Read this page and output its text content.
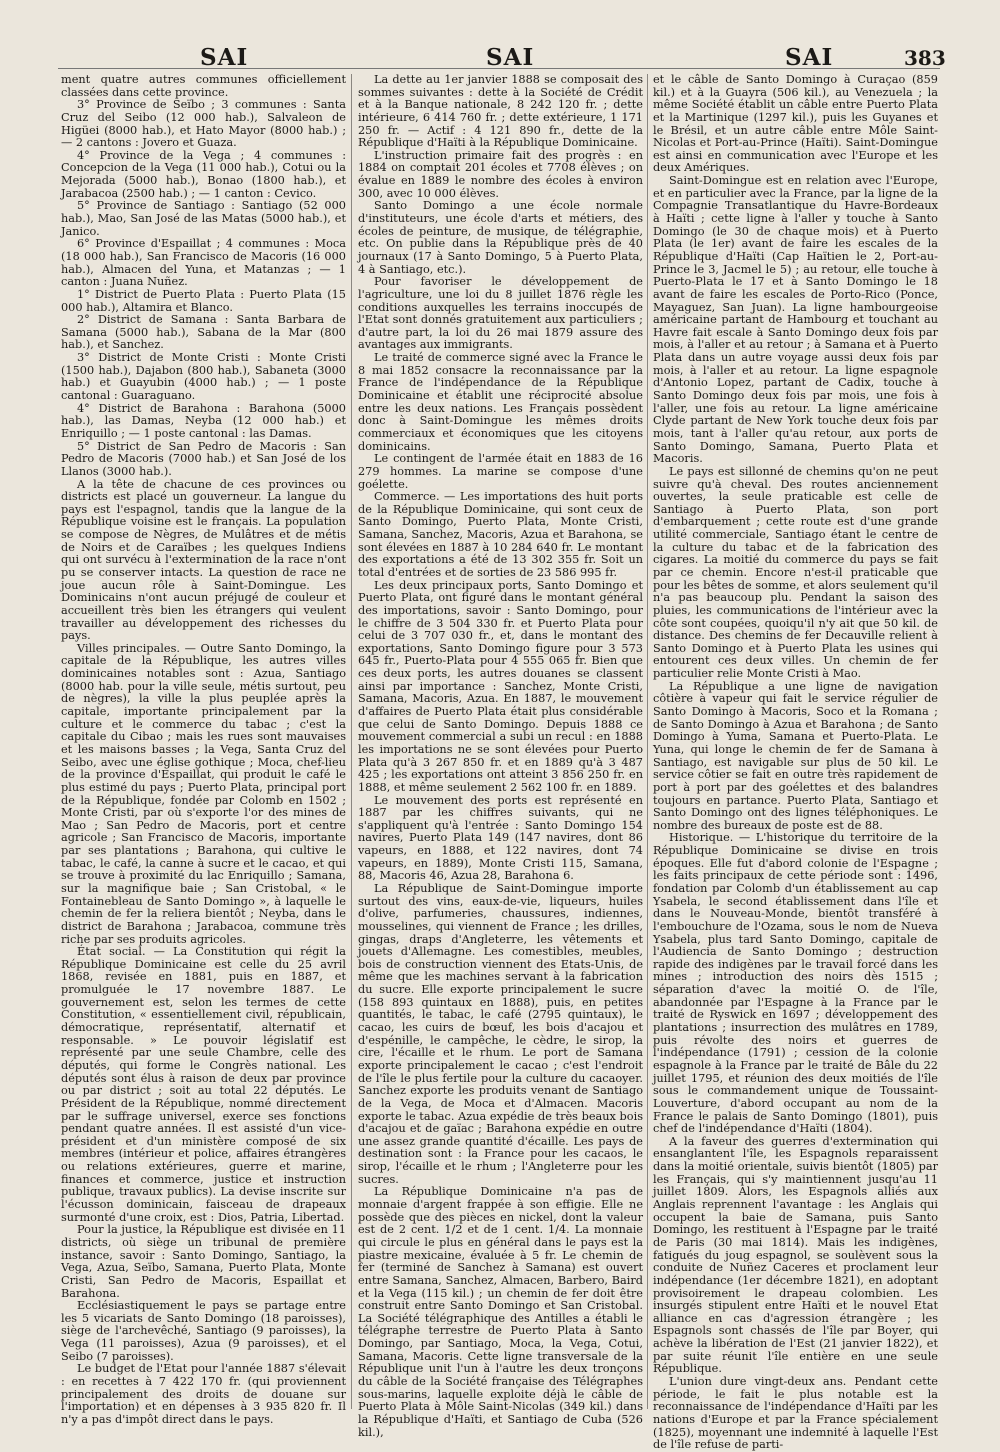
SAI	SAI	SAI	383

ment quatre autres communes officiellement classées dans cette province.

3° Province de Seïbo ; 3 communes : Santa Cruz del Seibo (12 000 hab.), Salvaleon de Higüei (8000 hab.), et Hato Mayor (8000 hab.) ; — 2 cantons : Jovero et Guaza.

4° Province de la Vega ; 4 communes : Concepcion de la Vega (11 000 hab.), Cotui ou la Mejorada (5000 hab.), Bonao (1800 hab.), et Jarabacoa (2500 hab.) ; — 1 canton : Cevico.

5° Province de Santiago : Santiago (52 000 hab.), Mao, San José de las Matas (5000 hab.), et Janico.

6° Province d'Espaillat ; 4 communes : Moca (18 000 hab.), San Francisco de Macoris (16 000 hab.), Almacen del Yuna, et Matanzas ; — 1 canton : Juana Nuñez.

1° District de Puerto Plata : Puerto Plata (15 000 hab.), Altamira et Blanco.

2° District de Samana : Santa Barbara de Samana (5000 hab.), Sabana de la Mar (800 hab.), et Sanchez.

3° District de Monte Cristi : Monte Cristi (1500 hab.), Dajabon (800 hab.), Sabaneta (3000 hab.) et Guayubin (4000 hab.) ; — 1 poste cantonal : Guaraguano.

4° District de Barahona : Barahona (5000 hab.), las Damas, Neyba (12 000 hab.) et Enriquillo ; — 1 poste cantonal : las Damas.

5° District de San Pedro de Macoris : San Pedro de Macoris (7000 hab.) et San José de los Llanos (3000 hab.).

A la tête de chacune de ces provinces ou districts est placé un gouverneur. La langue du pays est l'espagnol, tandis que la langue de la République voisine est le français. La population se compose de Nègres, de Mulâtres et de métis de Noirs et de Caraïbes ; les quelques Indiens qui ont survécu à l'extermination de la race n'ont pu se conserver intacts. La question de race ne joue aucun rôle à Saint-Domingue. Les Dominicains n'ont aucun préjugé de couleur et accueillent très bien les étrangers qui veulent travailler au développement des richesses du pays.

Villes principales. — Outre Santo Domingo, la capitale de la République, les autres villes dominicaines notables sont : Azua, Santiago (8000 hab. pour la ville seule, métis surtout, peu de nègres), la ville la plus peuplée après la capitale, importante principalement par la culture et le commerce du tabac ; c'est la capitale du Cibao ; mais les rues sont mauvaises et les maisons basses ; la Vega, Santa Cruz del Seibo, avec une église gothique ; Moca, chef-lieu de la province d'Espaillat, qui produit le café le plus estimé du pays ; Puerto Plata, principal port de la République, fondée par Colomb en 1502 ; Monte Cristi, par où s'exporte l'or des mines de Mao ; San Pedro de Macoris, port et centre agricole ; San Francisco de Macoris, importante par ses plantations ; Barahona, qui cultive le tabac, le café, la canne à sucre et le cacao, et qui se trouve à proximité du lac Enriquillo ; Samana, sur la magnifique baie ; San Cristobal, « le Fontainebleau de Santo Domingo », à laquelle le chemin de fer la reliera bientôt ; Neyba, dans le district de Barahona ; Jarabacoa, commune très riche par ses produits agricoles.

État social. — La Constitution qui régit la République Dominicaine est celle du 25 avril 1868, revisée en 1881, puis en 1887, et promulguée le 17 novembre 1887. Le gouvernement est, selon les termes de cette Constitution, « essentiellement civil, républicain, démocratique, représentatif, alternatif et responsable. » Le pouvoir législatif est représenté par une seule Chambre, celle des députés, qui forme le Congrès national. Les députés sont élus à raison de deux par province ou par district ; soit au total 22 députés. Le Président de la République, nommé directement par le suffrage universel, exerce ses fonctions pendant quatre années. Il est assisté d'un vice-président et d'un ministère composé de six membres (intérieur et police, affaires étrangères ou relations extérieures, guerre et marine, finances et commerce, justice et instruction publique, travaux publics). La devise inscrite sur l'écusson dominicain, faisceau de drapeaux surmonté d'une croix, est : Dios, Patria, Libertad.

Pour la justice, la République est divisée en 11 districts, où siège un tribunal de première instance, savoir : Santo Domingo, Santiago, la Vega, Azua, Seïbo, Samana, Puerto Plata, Monte Cristi, San Pedro de Macoris, Espaillat et Barahona.

Ecclésiastiquement le pays se partage entre les 5 vicariats de Santo Domingo (18 paroisses), siège de l'archevêché, Santiago (9 paroisses), la Vega (11 paroisses), Azua (9 paroisses), et el Seibo (7 paroisses).

Le budget de l'Etat pour l'année 1887 s'élevait : en recettes à 7 422 170 fr. (qui proviennent principalement des droits de douane sur l'importation) et en dépenses à 3 935 820 fr. Il n'y a pas d'impôt direct dans le pays.

La dette au 1er janvier 1888 se composait des sommes suivantes : dette à la Société de Crédit et à la Banque nationale, 8 242 120 fr. ; dette intérieure, 6 414 760 fr. ; dette extérieure, 1 171 250 fr. — Actif : 4 121 890 fr., dette de la République d'Haïti à la République Dominicaine.

L'instruction primaire fait des progrès : en 1884 on comptait 201 écoles et 7708 élèves ; on évalue en 1889 le nombre des écoles à environ 300, avec 10 000 élèves.

Santo Domingo a une école normale d'instituteurs, une école d'arts et métiers, des écoles de peinture, de musique, de télégraphie, etc. On publie dans la République près de 40 journaux (17 à Santo Domingo, 5 à Puerto Plata, 4 à Santiago, etc.).

Pour favoriser le développement de l'agriculture, une loi du 8 juillet 1876 règle les conditions auxquelles les terrains inoccupés de l'Etat sont donnés gratuitement aux particuliers ; d'autre part, la loi du 26 mai 1879 assure des avantages aux immigrants.

Le traité de commerce signé avec la France le 8 mai 1852 consacre la reconnaissance par la France de l'indépendance de la République Dominicaine et établit une réciprocité absolue entre les deux nations. Les Français possèdent donc à Saint-Domingue les mêmes droits commerciaux et économiques que les citoyens dominicains.

Le contingent de l'armée était en 1883 de 16 279 hommes. La marine se compose d'une goélette.

Commerce. — Les importations des huit ports de la République Dominicaine, qui sont ceux de Santo Domingo, Puerto Plata, Monte Cristi, Samana, Sanchez, Macoris, Azua et Barahona, se sont élevées en 1887 à 10 284 640 fr. Le montant des exportations a été de 13 302 355 fr. Soit un total d'entrées et de sorties de 23 586 995 fr.

Les deux principaux ports, Santo Domingo et Puerto Plata, ont figuré dans le montant général des importations, savoir : Santo Domingo, pour le chiffre de 3 504 330 fr. et Puerto Plata pour celui de 3 707 030 fr., et, dans le montant des exportations, Santo Domingo figure pour 3 573 645 fr., Puerto-Plata pour 4 555 065 fr. Bien que ces deux ports, les autres douanes se classent ainsi par importance : Sanchez, Monte Cristi, Samana, Macoris, Azua. En 1887, le mouvement d'affaires de Puerto Plata était plus considérable que celui de Santo Domingo. Depuis 1888 ce mouvement commercial a subi un recul : en 1888 les importations ne se sont élevées pour Puerto Plata qu'à 3 267 850 fr. et en 1889 qu'à 3 487 425 ; les exportations ont atteint 3 856 250 fr. en 1888, et même seulement 2 562 100 fr. en 1889.

Le mouvement des ports est représenté en 1887 par les chiffres suivants, qui ne s'appliquent qu'à l'entrée : Santo Domingo 154 navires, Puerto Plata 149 (147 navires, dont 86 vapeurs, en 1888, et 122 navires, dont 74 vapeurs, en 1889), Monte Cristi 115, Samana, 88, Macoris 46, Azua 28, Barahona 6.

La République de Saint-Domingue importe surtout des vins, eaux-de-vie, liqueurs, huiles d'olive, parfumeries, chaussures, indiennes, mousselines, qui viennent de France ; les drilles, gingas, draps d'Angleterre, les vêtements et jouets d'Allemagne. Les comestibles, meubles, bois de construction viennent des Etats-Unis, de même que les machines servant à la fabrication du sucre. Elle exporte principalement le sucre (158 893 quintaux en 1888), puis, en petites quantités, le tabac, le café (2795 quintaux), le cacao, les cuirs de bœuf, les bois d'acajou et d'espénille, le campêche, le cèdre, le sirop, la cire, l'écaille et le rhum. Le port de Samana exporte principalement le cacao ; c'est l'endroit de l'île le plus fertile pour la culture du cacaoyer. Sanchez exporte les produits venant de Santiago de la Vega, de Moca et d'Almacen. Macoris exporte le tabac. Azua expédie de très beaux bois d'acajou et de gaïac ; Barahona expédie en outre une assez grande quantité d'écaille. Les pays de destination sont : la France pour les cacaos, le sirop, l'écaille et le rhum ; l'Angleterre pour les sucres.

La République Dominicaine n'a pas de monnaie d'argent frappée à son effigie. Elle ne possède que des pièces en nickel, dont la valeur est de 2 cent. 1/2 et de 1 cent. 1/4. La monnaie qui circule le plus en général dans le pays est la piastre mexicaine, évaluée à 5 fr. Le chemin de fer (terminé de Sanchez à Samana) est ouvert entre Samana, Sanchez, Almacen, Barbero, Baird et la Vega (115 kil.) ; un chemin de fer doit être construit entre Santo Domingo et San Cristobal. La Société télégraphique des Antilles a établi le télégraphe terrestre de Puerto Plata à Santo Domingo, par Santiago, Moca, la Vega, Cotui, Samana, Macoris. Cette ligne transversale de la République unit l'un à l'autre les deux tronçons du câble de la Société française des Télégraphes sous-marins, laquelle exploite déjà le câble de Puerto Plata à Môle Saint-Nicolas (349 kil.) dans la République d'Haïti, et Santiago de Cuba (526 kil.),

et le câble de Santo Domingo à Curaçao (859 kil.) et à la Guayra (506 kil.), au Venezuela ; la même Société établit un câble entre Puerto Plata et la Martinique (1297 kil.), puis les Guyanes et le Brésil, et un autre câble entre Môle Saint-Nicolas et Port-au-Prince (Haïti). Saint-Domingue est ainsi en communication avec l'Europe et les deux Amériques.

Saint-Domingue est en relation avec l'Europe, et en particulier avec la France, par la ligne de la Compagnie Transatlantique du Havre-Bordeaux à Haïti ; cette ligne à l'aller y touche à Santo Domingo (le 30 de chaque mois) et à Puerto Plata (le 1er) avant de faire les escales de la République d'Haïti (Cap Haïtien le 2, Port-au-Prince le 3, Jacmel le 5) ; au retour, elle touche à Puerto-Plata le 17 et à Santo Domingo le 18 avant de faire les escales de Porto-Rico (Ponce, Mayaguez, San Juan). La ligne hambourgeoise américaine partant de Hambourg et touchant au Havre fait escale à Santo Domingo deux fois par mois, à l'aller et au retour ; à Samana et à Puerto Plata dans un autre voyage aussi deux fois par mois, à l'aller et au retour. La ligne espagnole d'Antonio Lopez, partant de Cadix, touche à Santo Domingo deux fois par mois, une fois à l'aller, une fois au retour. La ligne américaine Clyde partant de New York touche deux fois par mois, tant à l'aller qu'au retour, aux ports de Santo Domingo, Samana, Puerto Plata et Macoris.

Le pays est sillonné de chemins qu'on ne peut suivre qu'à cheval. Des routes anciennement ouvertes, la seule praticable est celle de Santiago à Puerto Plata, son port d'embarquement ; cette route est d'une grande utilité commerciale, Santiago étant le centre de la culture du tabac et de la fabrication des cigares. La moitié du commerce du pays se fait par ce chemin. Encore n'est-il praticable que pour les bêtes de somme, et alors seulement qu'il n'a pas beaucoup plu. Pendant la saison des pluies, les communications de l'intérieur avec la côte sont coupées, quoiqu'il n'y ait que 50 kil. de distance. Des chemins de fer Decauville relient à Santo Domingo et à Puerto Plata les usines qui entourent ces deux villes. Un chemin de fer particulier relie Monte Cristi à Mao.

La République a une ligne de navigation côtière à vapeur qui fait le service régulier de Santo Domingo à Macoris, Soco et la Romana ; de Santo Domingo à Azua et Barahona ; de Santo Domingo à Yuma, Samana et Puerto-Plata. Le Yuna, qui longe le chemin de fer de Samana à Santiago, est navigable sur plus de 50 kil. Le service côtier se fait en outre très rapidement de port à port par des goélettes et des balandres toujours en partance. Puerto Plata, Santiago et Santo Domingo ont des lignes téléphoniques. Le nombre des bureaux de poste est de 88.

Historique. — L'historique du territoire de la République Dominicaine se divise en trois époques. Elle fut d'abord colonie de l'Espagne ; les faits principaux de cette période sont : 1496, fondation par Colomb d'un établissement au cap Ysabela, le second établissement dans l'île et dans le Nouveau-Monde, bientôt transféré à l'embouchure de l'Ozama, sous le nom de Nueva Ysabela, plus tard Santo Domingo, capitale de l'Audiencia de Santo Domingo ; destruction rapide des indigènes par le travail forcé dans les mines ; introduction des noirs dès 1515 ; séparation d'avec la moitié O. de l'île, abandonnée par l'Espagne à la France par le traité de Ryswick en 1697 ; développement des plantations ; insurrection des mulâtres en 1789, puis révolte des noirs et guerres de l'indépendance (1791) ; cession de la colonie espagnole à la France par le traité de Bâle du 22 juillet 1795, et réunion des deux moitiés de l'île sous le commandement unique de Toussaint-Louverture, d'abord occupant au nom de la France le palais de Santo Domingo (1801), puis chef de l'indépendance d'Haïti (1804).

A la faveur des guerres d'extermination qui ensanglantent l'île, les Espagnols reparaissent dans la moitié orientale, suivis bientôt (1805) par les Français, qui s'y maintiennent jusqu'au 11 juillet 1809. Alors, les Espagnols alliés aux Anglais reprennent l'avantage : les Anglais qui occupent la baie de Samana, puis Santo Domingo, les restituent à l'Espagne par le traité de Paris (30 mai 1814). Mais les indigènes, fatigués du joug espagnol, se soulèvent sous la conduite de Nuñez Caceres et proclament leur indépendance (1er décembre 1821), en adoptant provisoirement le drapeau colombien. Les insurgés stipulent entre Haïti et le nouvel Etat alliance en cas d'agression étrangère ; les Espagnols sont chassés de l'île par Boyer, qui achève la libération de l'Est (21 janvier 1822), et par suite réunit l'île entière en une seule République.

L'union dure vingt-deux ans. Pendant cette période, le fait le plus notable est la reconnaissance de l'indépendance d'Haïti par les nations d'Europe et par la France spécialement (1825), moyennant une indemnité à laquelle l'Est de l'île refuse de parti-
